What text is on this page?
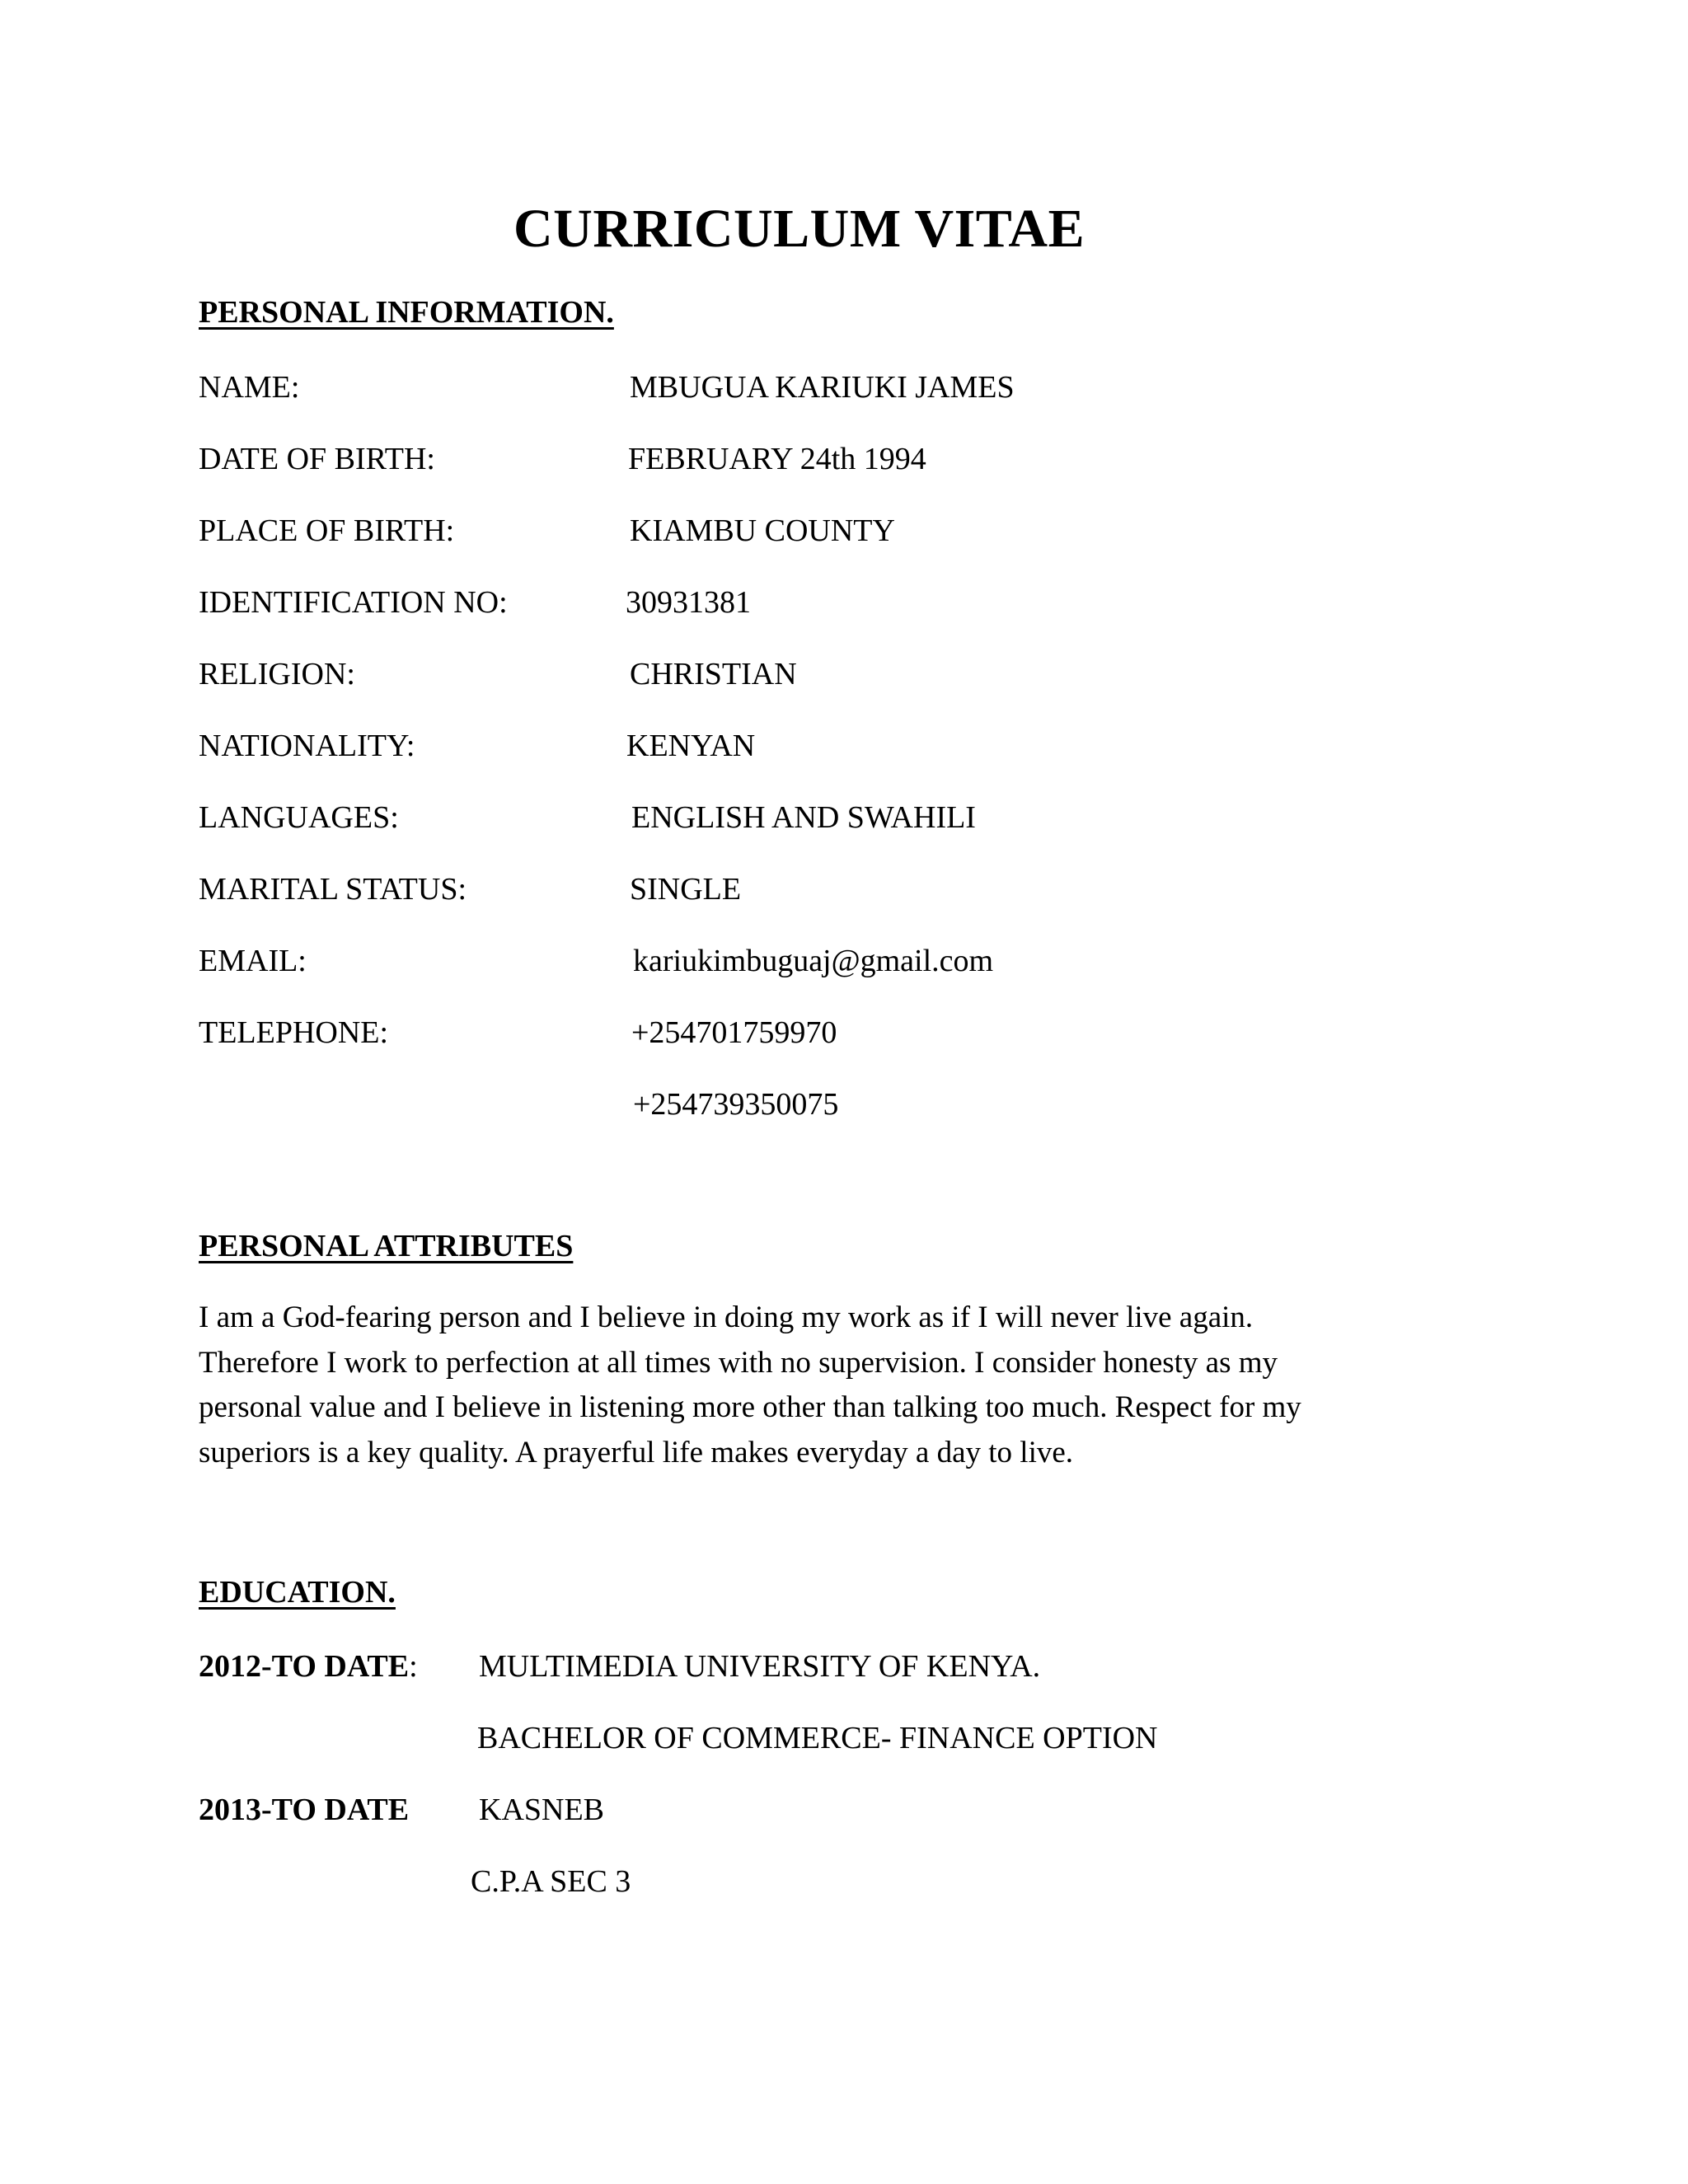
CURRICULUM VITAE
PERSONAL INFORMATION.
NAME:	MBUGUA KARIUKI JAMES
DATE OF BIRTH:	FEBRUARY 24th 1994
PLACE OF BIRTH:	KIAMBU COUNTY
IDENTIFICATION NO:	30931381
RELIGION:	CHRISTIAN
NATIONALITY:	KENYAN
LANGUAGES:	ENGLISH AND SWAHILI
MARITAL STATUS:	SINGLE
EMAIL:	kariukimbuguaj@gmail.com
TELEPHONE:	+254701759970
+254739350075
PERSONAL ATTRIBUTES
I am a God-fearing person and I believe in doing my work as if I will never live again.
Therefore I work to perfection at all times with no supervision. I consider honesty as my
personal value and I believe in listening more other than talking too much. Respect for my
superiors is a key quality. A prayerful life makes everyday a day to live.
EDUCATION.
2012-TO DATE: MULTIMEDIA UNIVERSITY OF KENYA.
BACHELOR OF COMMERCE- FINANCE OPTION
2013-TO DATE KASNEB
C.P.A SEC 3
